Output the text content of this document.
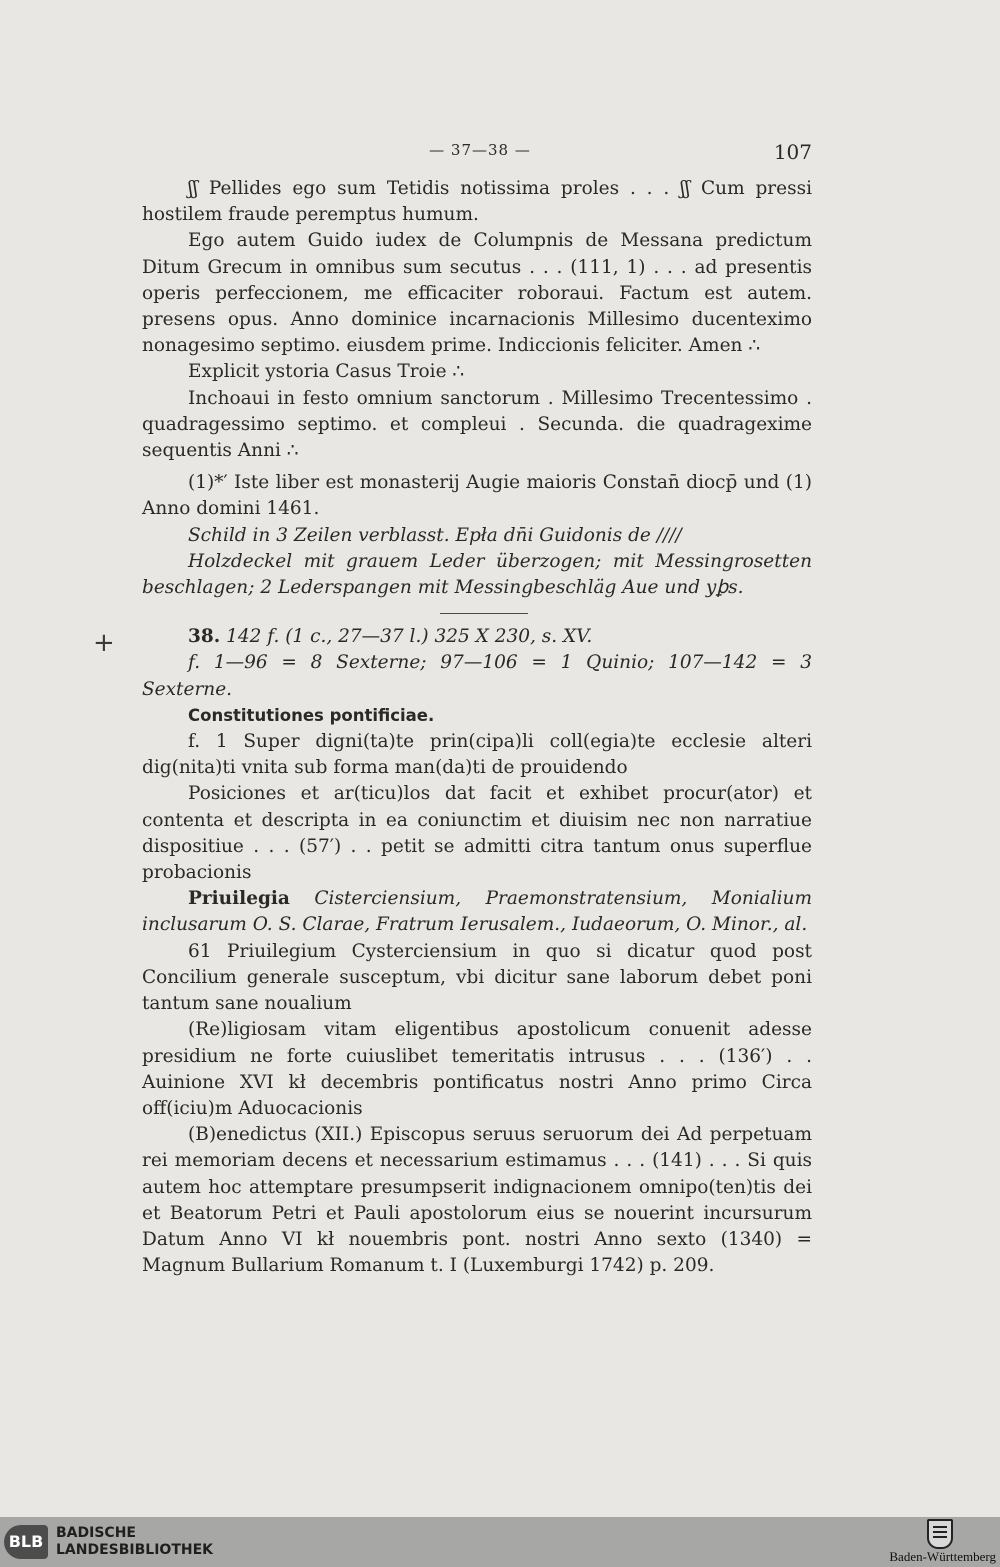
— 37—38 —	107
+

ʃʃ Pellides ego sum Tetidis notissima proles . . . ʃʃ Cum pressi hostilem fraude peremptus humum.

Ego autem Guido iudex de Columpnis de Messana predictum Ditum Grecum in omnibus sum secutus . . . (111, 1) . . . ad presentis operis perfeccionem, me efficaciter roboraui. Factum est autem. presens opus. Anno dominice incarnacionis Millesimo ducenteximo nonagesimo septimo. eiusdem prime. Indiccionis feliciter. Amen ∴

Explicit ystoria Casus Troie ∴

Inchoaui in festo omnium sanctorum . Millesimo Trecentessimo . quadragessimo septimo. et compleui . Secunda. die quadragexime sequentis Anni ∴

(1)*′ Iste liber est monasterij Augie maioris Constan̄ diocp̄ und (1) Anno domini 1461.

Schild in 3 Zeilen verblasst. Epła dn̄i Guidonis de ////

Holzdeckel mit grauem Leder überzogen; mit Messingrosetten beschlagen; 2 Lederspangen mit Messingbeschläg Aue und yꝧs.

38. 142 f. (1 c., 27—37 l.) 325 X 230, s. XV.

f. 1—96 = 8 Sexterne; 97—106 = 1 Quinio; 107—142 = 3 Sexterne.

Constitutiones pontificiae.

f. 1 Super digni(ta)te prin(cipa)li coll(egia)te ecclesie alteri dig(nita)ti vnita sub forma man(da)ti de prouidendo

Posiciones et ar(ticu)los dat facit et exhibet procur(ator) et contenta et descripta in ea coniunctim et diuisim nec non narratiue dispositiue . . . (57′) . . petit se admitti citra tantum onus superflue probacionis

Priuilegia Cisterciensium, Praemonstratensium, Monialium inclusarum O. S. Clarae, Fratrum Ierusalem., Iudaeorum, O. Minor., al.

61 Priuilegium Cysterciensium in quo si dicatur quod post Concilium generale susceptum, vbi dicitur sane laborum debet poni tantum sane noualium

(Re)ligiosam vitam eligentibus apostolicum conuenit adesse presidium ne forte cuiuslibet temeritatis intrusus . . . (136′) . . Auinione XVI kł decembris pontificatus nostri Anno primo Circa off(iciu)m Aduocacionis

(B)enedictus (XII.) Episcopus seruus seruorum dei Ad perpetuam rei memoriam decens et necessarium estimamus . . . (141) . . . Si quis autem hoc attemptare presumpserit indignacionem omnipo(ten)tis dei et Beatorum Petri et Pauli apostolorum eius se nouerint incursurum Datum Anno VI kł nouembris pont. nostri Anno sexto (1340) = Magnum Bullarium Romanum t. I (Luxemburgi 1742) p. 209.

BLB BADISCHE
LANDESBIBLIOTHEK	Baden-Württemberg
